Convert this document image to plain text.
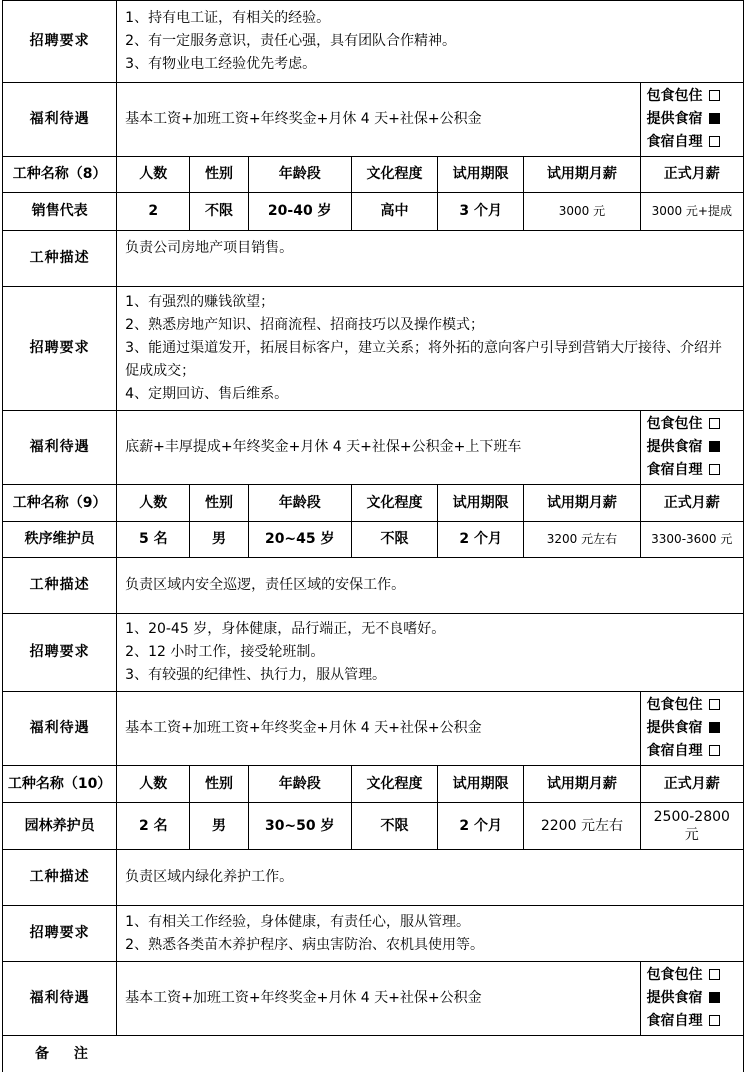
招聘要求	1、持有电工证，有相关的经验。
2、有一定服务意识，责任心强，具有团队合作精神。
3、有物业电工经验优先考虑。						

福利待遇	基本工资+加班工资+年终奖金+月休 4 天+社保+公积金						包食包住
提供食宿
食宿自理

工种名称（8）	人数	性别	年龄段	文化程度	试用期限	试用期月薪	正式月薪
销售代表	2	不限	20-40 岁	高中	3 个月	3000 元	3000 元+提成
工种描述	负责公司房地产项目销售。						
招聘要求	1、有强烈的赚钱欲望；
2、熟悉房地产知识、招商流程、招商技巧以及操作模式；
3、能通过渠道发开，拓展目标客户，建立关系；将外拓的意向客户引导到营销大厅接待、介绍并促成成交；
4、定期回访、售后维系。						

福利待遇	底薪+丰厚提成+年终奖金+月休 4 天+社保+公积金+上下班车						包食包住
提供食宿
食宿自理

工种名称（9）	人数	性别	年龄段	文化程度	试用期限	试用期月薪	正式月薪
秩序维护员	5 名	男	20~45 岁	不限	2 个月	3200 元左右	3300-3600 元
工种描述	负责区域内安全巡逻，责任区域的安保工作。						
招聘要求	1、20-45 岁，身体健康，品行端正，无不良嗜好。
2、12 小时工作，接受轮班制。
3、有较强的纪律性、执行力，服从管理。						

福利待遇	基本工资+加班工资+年终奖金+月休 4 天+社保+公积金						包食包住
提供食宿
食宿自理

工种名称（10）	人数	性别	年龄段	文化程度	试用期限	试用期月薪	正式月薪
园林养护员	2 名	男	30~50 岁	不限	2 个月	2200 元左右	2500-2800 元
工种描述	负责区域内绿化养护工作。						
招聘要求	1、有相关工作经验，身体健康，有责任心，服从管理。
2、熟悉各类苗木养护程序、病虫害防治、农机具使用等。						

福利待遇	基本工资+加班工资+年终奖金+月休 4 天+社保+公积金						包食包住
提供食宿
食宿自理

备 注							
